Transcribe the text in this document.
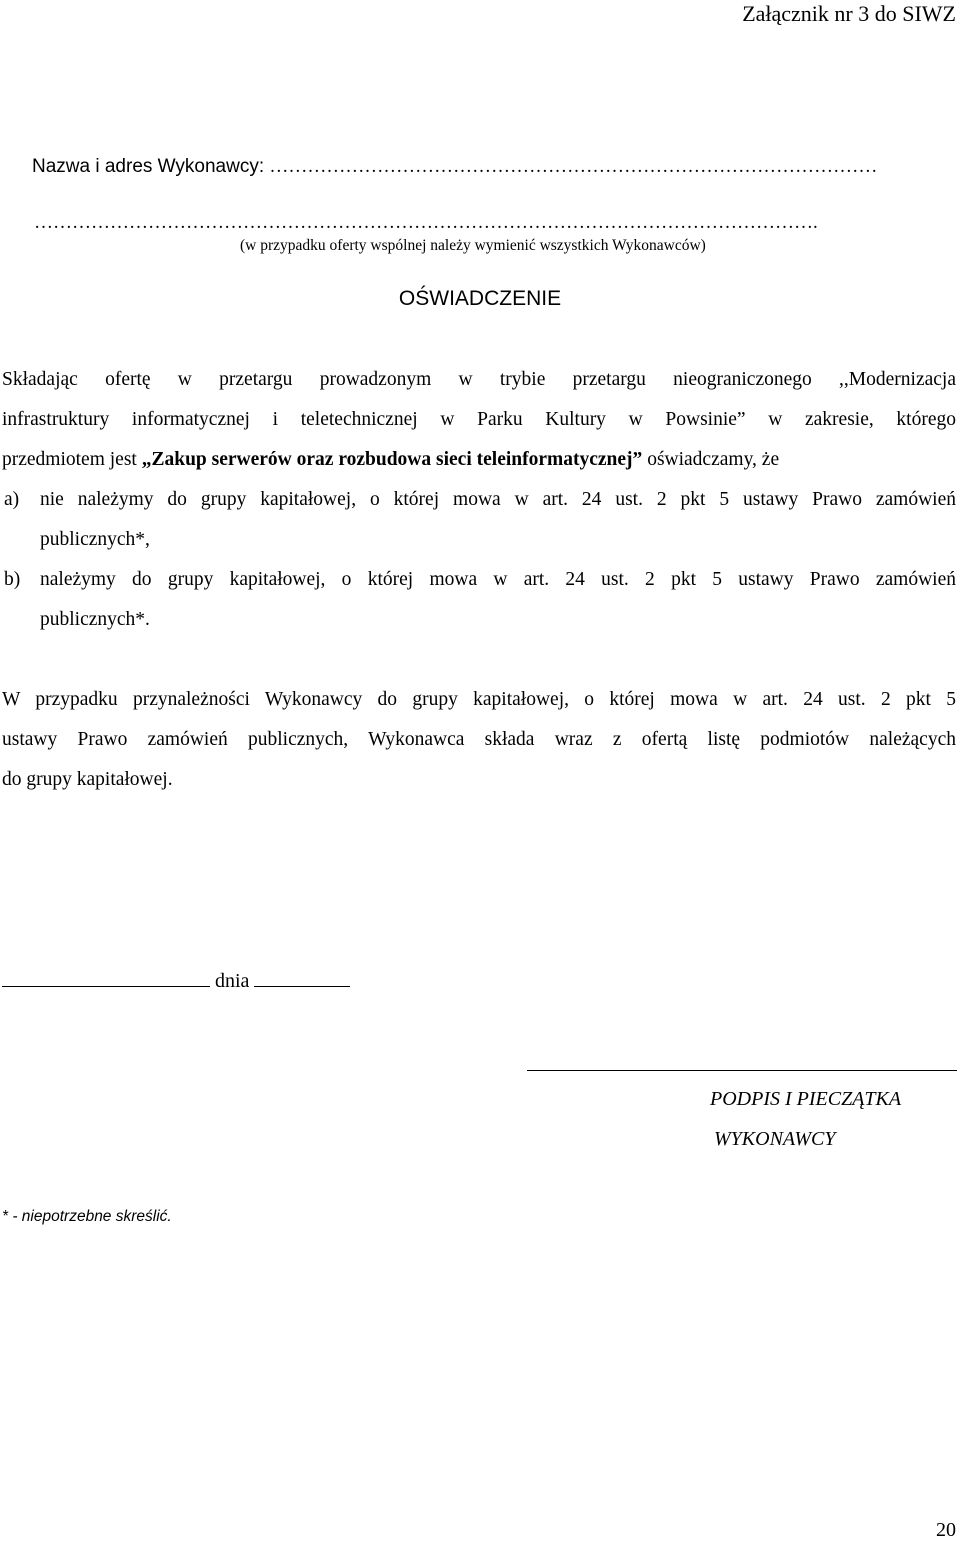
Załącznik nr 3 do SIWZ
Nazwa i adres Wykonawcy: ……………………………………………………………………………………
…………………………………………………………………………………………………………….
(w przypadku oferty wspólnej należy wymienić wszystkich Wykonawców)
OŚWIADCZENIE
Składając ofertę w przetargu prowadzonym w trybie przetargu nieograniczonego ,,Modernizacja
infrastruktury informatycznej i teletechnicznej w Parku Kultury w Powsinie” w zakresie, którego
przedmiotem jest „Zakup serwerów oraz rozbudowa sieci teleinformatycznej” oświadczamy, że
a) nie należymy do grupy kapitałowej, o której mowa w art. 24 ust. 2 pkt 5 ustawy Prawo zamówień
publicznych*,
b) należymy do grupy kapitałowej, o której mowa w art. 24 ust. 2 pkt 5 ustawy Prawo zamówień
publicznych*.
W przypadku przynależności Wykonawcy do grupy kapitałowej, o której mowa w art. 24 ust. 2 pkt 5
ustawy Prawo zamówień publicznych, Wykonawca składa wraz z ofertą listę podmiotów należących
do grupy kapitałowej.
dnia
PODPIS I PIECZĄTKA
WYKONAWCY
* - niepotrzebne skreślić.
20
